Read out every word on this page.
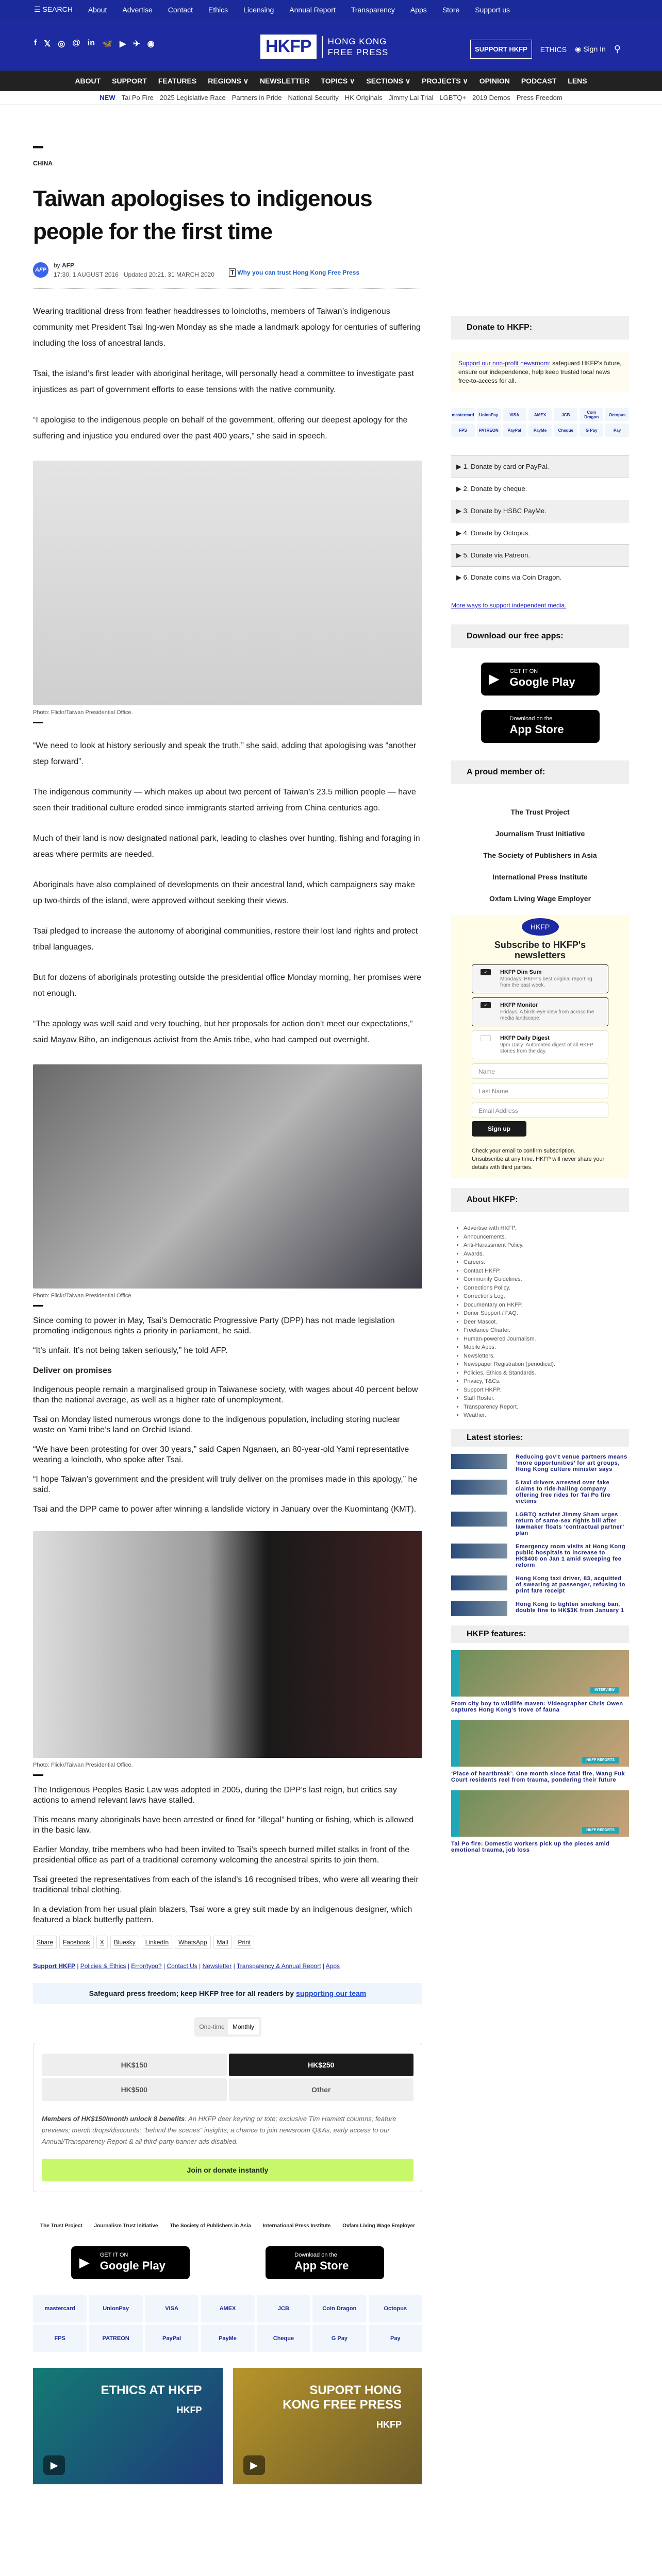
☰ SEARCH About Advertise Contact Ethics Licensing Annual Report Transparency Apps Store Support us
f 𝕏 ◎ @ in 🦋 ▶ ✈ ◉	HKFP	HONG KONG
FREE PRESS	SUPPORT HKFP	ETHICS ◉ Sign In ⚲
ABOUT SUPPORT FEATURES REGIONS ∨ NEWSLETTER TOPICS ∨ SECTIONS ∨ PROJECTS ∨ OPINION PODCAST LENS
NEW Tai Po Fire 2025 Legislative Race Partners in Pride National Security HK Originals Jimmy Lai Trial LGBTQ+ 2019 Demos Press Freedom
CHINA
Taiwan apologises to indigenous people for the first time
AFP
by AFP
17:30, 1 AUGUST 2016 Updated 20:21, 31 MARCH 2020	T Why you can trust Hong Kong Free Press

Wearing traditional dress from feather headdresses to loincloths, members of Taiwan’s indigenous community met President Tsai Ing-wen Monday as she made a landmark apology for centuries of suffering including the loss of ancestral lands.

Tsai, the island’s first leader with aboriginal heritage, will personally head a committee to investigate past injustices as part of government efforts to ease tensions with the native community.

“I apologise to the indigenous people on behalf of the government, offering our deepest apology for the suffering and injustice you endured over the past 400 years,” she said in speech.

Photo: Flickr/Taiwan Presidential Office.

“We need to look at history seriously and speak the truth,” she said, adding that apologising was “another step forward”.

The indigenous community — which makes up about two percent of Taiwan’s 23.5 million people — have seen their traditional culture eroded since immigrants started arriving from China centuries ago.

Much of their land is now designated national park, leading to clashes over hunting, fishing and foraging in areas where permits are needed.

Aboriginals have also complained of developments on their ancestral land, which campaigners say make up two-thirds of the island, were approved without seeking their views.

Tsai pledged to increase the autonomy of aboriginal communities, restore their lost land rights and protect tribal languages.

But for dozens of aboriginals protesting outside the presidential office Monday morning, her promises were not enough.

“The apology was well said and very touching, but her proposals for action don’t meet our expectations,” said Mayaw Biho, an indigenous activist from the Amis tribe, who had camped out overnight.

Photo: Flickr/Taiwan Presidential Office.

Since coming to power in May, Tsai’s Democratic Progressive Party (DPP) has not made legislation promoting indigenous rights a priority in parliament, he said.

“It’s unfair. It’s not being taken seriously,” he told AFP.

Deliver on promises

Indigenous people remain a marginalised group in Taiwanese society, with wages about 40 percent below than the national average, as well as a higher rate of unemployment.

Tsai on Monday listed numerous wrongs done to the indigenous population, including storing nuclear waste on Yami tribe’s land on Orchid Island.

“We have been protesting for over 30 years,” said Capen Nganaen, an 80-year-old Yami representative wearing a loincloth, who spoke after Tsai.

“I hope Taiwan’s government and the president will truly deliver on the promises made in this apology,” he said.

Tsai and the DPP came to power after winning a landslide victory in January over the Kuomintang (KMT).

Photo: Flickr/Taiwan Presidential Office.

The Indigenous Peoples Basic Law was adopted in 2005, during the DPP’s last reign, but critics say actions to amend relevant laws have stalled.

This means many aboriginals have been arrested or fined for “illegal” hunting or fishing, which is allowed in the basic law.

Earlier Monday, tribe members who had been invited to Tsai’s speech burned millet stalks in front of the presidential office as part of a traditional ceremony welcoming the ancestral spirits to join them.

Tsai greeted the representatives from each of the island’s 16 recognised tribes, who were all wearing their traditional tribal clothing.

In a deviation from her usual plain blazers, Tsai wore a grey suit made by an indigenous designer, which featured a black butterfly pattern.

Share	Facebook	X	Bluesky	LinkedIn	WhatsApp	Mail	Print
Support HKFP | Policies & Ethics | Error/typo? | Contact Us | Newsletter | Transparency & Annual Report | Apps
Safeguard press freedom; keep HKFP free for all readers by supporting our team
One-time	Monthly
HK$150	HK$250
HK$500	Other
Members of HK$150/month unlock 8 benefits: An HKFP deer keyring or tote; exclusive Tim Hamlett columns; feature previews; merch drops/discounts; "behind the scenes" insights; a chance to join newsroom Q&As, early access to our Annual/Transparency Report & all third-party banner ads disabled.
Join or donate instantly
The Trust Project Journalism Trust Initiative The Society of Publishers in Asia International Press Institute Oxfam Living Wage Employer
▶ GET IT ON
Google Play
Download on the
App Store
mastercard	UnionPay	VISA	AMEX	JCB	Coin Dragon	Octopus
FPS	PATREON	PayPal	PayMe	Cheque	G Pay	Pay
ETHICS AT HKFP
HKFP
▶
SUPORT HONG KONG FREE PRESS
HKFP
▶
Donate to HKFP:
Support our non-profit newsroom: safeguard HKFP's future, ensure our independence, help keep trusted local news free-to-access for all.
mastercard	UnionPay	VISA	AMEX	JCB	Coin Dragon	Octopus
FPS	PATREON	PayPal	PayMe	Cheque	G Pay	Pay
▶ 1. Donate by card or PayPal.
▶ 2. Donate by cheque.
▶ 3. Donate by HSBC PayMe.
▶ 4. Donate by Octopus.
▶ 5. Donate via Patreon.
▶ 6. Donate coins via Coin Dragon.
More ways to support independent media.
Download our free apps:
▶ GET IT ON
Google Play
Download on the
App Store
A proud member of:
The Trust Project
Journalism Trust Initiative
The Society of Publishers in Asia
International Press Institute
Oxfam Living Wage Employer
HKFP
Subscribe to HKFP's newsletters
✓	HKFP Dim Sum
Mondays: HKFP's best original reporting from the past week.
✓	HKFP Monitor
Fridays: A birds-eye view from across the media landscape.
HKFP Daily Digest
9pm Daily: Automated digest of all HKFP stories from the day.
Name
Last Name
Email Address
Sign up
Check your email to confirm subscription. Unsubscribe at any time. HKFP will never share your details with third parties.
About HKFP:
• Advertise with HKFP.
• Announcements.
• Anti-Harassment Policy.
• Awards.
• Careers.
• Contact HKFP.
• Community Guidelines.
• Corrections Policy.
• Corrections Log.
• Documentary on HKFP.
• Donor Support / FAQ.
• Deer Mascot.
• Freelance Charter.
• Human-powered Journalism.
• Mobile Apps.
• Newsletters.
• Newspaper Registration (periodical).
• Policies, Ethics & Standards.
• Privacy, T&Cs.
• Support HKFP.
• Staff Roster.
• Transparency Report.
• Weather.
Latest stories:
Reducing gov’t venue partners means ‘more opportunities’ for art groups, Hong Kong culture minister says
5 taxi drivers arrested over fake claims to ride-hailing company offering free rides for Tai Po fire victims
LGBTQ activist Jimmy Sham urges return of same-sex rights bill after lawmaker floats ‘contractual partner’ plan
Emergency room visits at Hong Kong public hospitals to increase to HK$400 on Jan 1 amid sweeping fee reform
Hong Kong taxi driver, 83, acquitted of swearing at passenger, refusing to print fare receipt
Hong Kong to tighten smoking ban, double fine to HK$3K from January 1
HKFP features:
INTERVIEW
From city boy to wildlife maven: Videographer Chris Owen captures Hong Kong’s trove of fauna
HKFP REPORTS
‘Place of heartbreak’: One month since fatal fire, Wang Fuk Court residents reel from trauma, pondering their future
HKFP REPORTS
Tai Po fire: Domestic workers pick up the pieces amid emotional trauma, job loss
